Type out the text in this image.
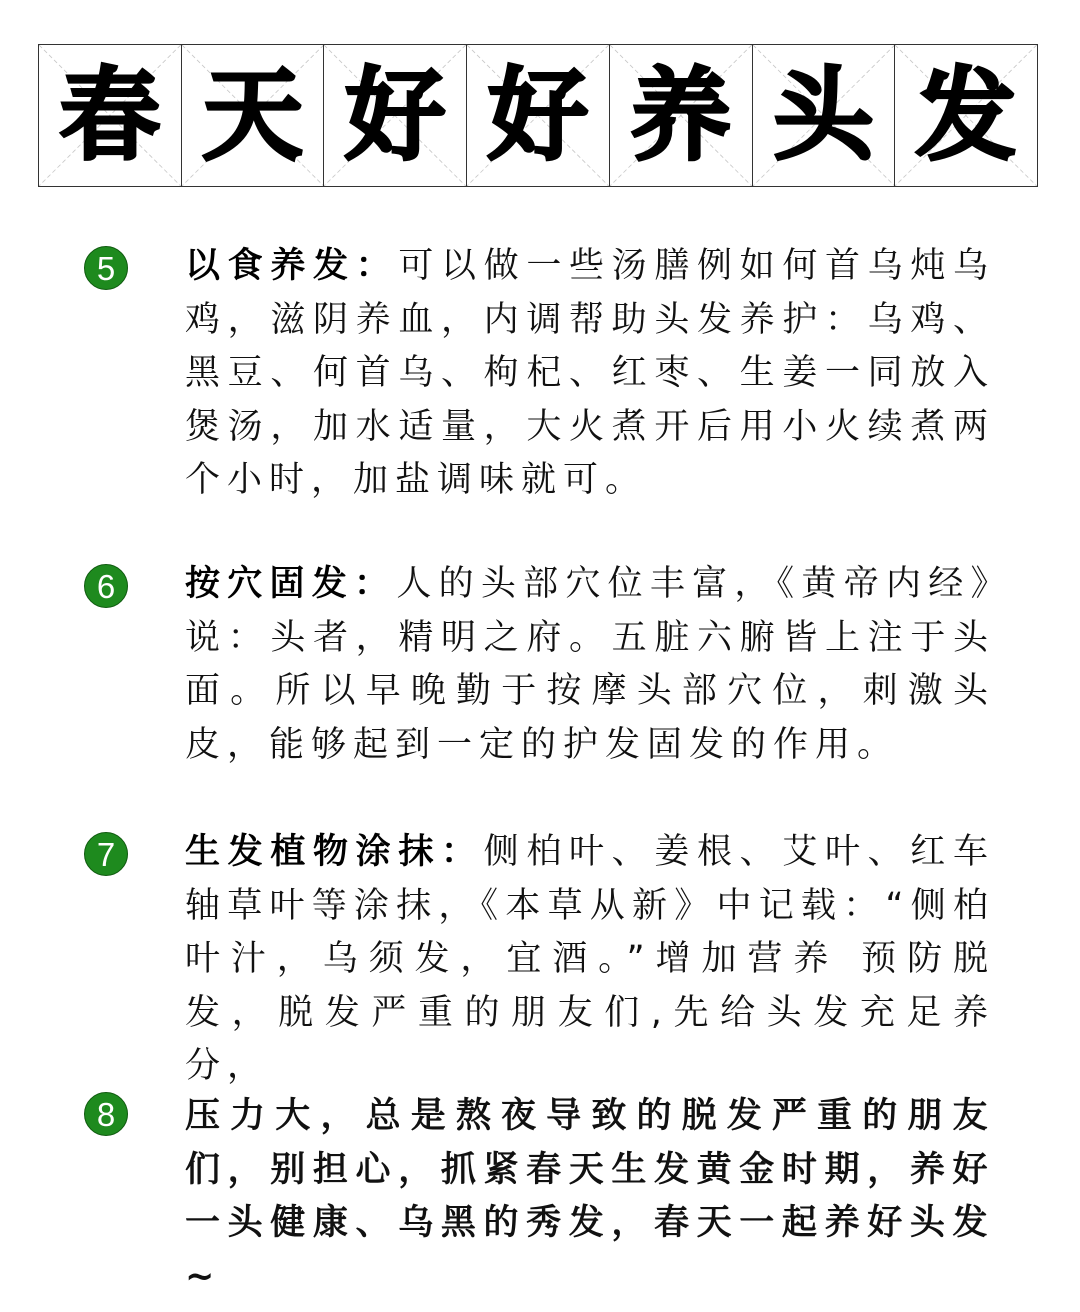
春 天 好 好 养 头 发
5	以食养发：可以做一些汤膳例如何首乌炖乌鸡，滋阴养血，内调帮助头发养护：乌鸡、黑豆、何首乌、枸杞、红枣、生姜一同放入煲汤，加水适量，大火煮开后用小火续煮两个小时，加盐调味就可。

6	按穴固发：人的头部穴位丰富，《黄帝内经》说：头者，精明之府。五脏六腑皆上注于头面。所以早晚勤于按摩头部穴位，刺激头皮，能够起到一定的护发固发的作用。

7	生发植物涂抹：侧柏叶、姜根、艾叶、红车轴草叶等涂抹，《本草从新》中记载：“侧柏叶汁，乌须发，宜酒。”增加营养 预防脱发，脱发严重的朋友们,先给头发充足养分，

8	压力大，总是熬夜导致的脱发严重的朋友们，别担心，抓紧春天生发黄金时期，养好一头健康、乌黑的秀发，春天一起养好头发~
